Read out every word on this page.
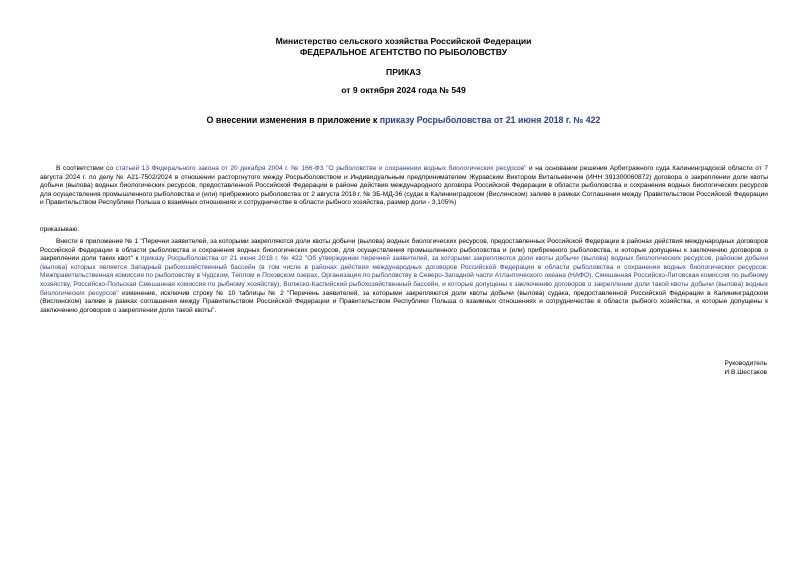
Министерство сельского хозяйства Российской Федерации
ФЕДЕРАЛЬНОЕ АГЕНТСТВО ПО РЫБОЛОВСТВУ
ПРИКАЗ
от 9 октября 2024 года № 549
О внесении изменения в приложение к приказу Росрыболовства от 21 июня 2018 г. № 422
В соответствии со статьей 13 Федерального закона от 20 декабря 2004 г. № 166-ФЗ "О рыболовстве и сохранении водных биологических ресурсов" и на основании решения Арбитражного суда Калининградской области от 7 августа 2024 г. по делу № А21-7502/2024 в отношении расторгнутого между Росрыболовством и Индивидуальным предпринимателем Журавским Виктором Витальевичем (ИНН 391300060872) договора о закреплении доли квоты добычи (вылова) водных биологических ресурсов, предоставленной Российской Федерации в районе действия международного договора Российской Федерации в области рыболовства и сохранения водных биологических ресурсов для осуществления промышленного рыболовства и (или) прибрежного рыболовства от 2 августа 2018 г. № ЗБ-МД-36 (судак в Калининградском (Вислинском) заливе в рамках Соглашения между Правительством Российской Федерации и Правительством Республики Польша о взаимных отношениях и сотрудничестве в области рыбного хозяйства, размер доли - 3,105%)
приказываю:
Внести в приложение № 1 "Перечни заявителей, за которыми закрепляются доли квоты добычи (вылова) водных биологических ресурсов, предоставленных Российской Федерации в районах действия международных договоров Российской Федерации в области рыболовства и сохранения водных биологических ресурсов, для осуществления промышленного рыболовства и (или) прибрежного рыболовства, и которые допущены к заключению договоров о закреплении доли таких квот" к приказу Росрыболовства от 21 июня 2018 г. № 422 "Об утверждении перечней заявителей, за которыми закрепляются доли квоты добычи (вылова) водных биологических ресурсов, районом добычи (вылова) которых является Западный рыбохозяйственный бассейн (в том числе в районах действия международных договоров Российской Федерации в области рыболовства и сохранения водных биологических ресурсов: Межправительственная комиссия по рыболовству в Чудском, Теплом и Псковском озерах, Организация по рыболовству в Северо-Западной части Атлантического океана (НАФО), Смешанная Российско-Литовская комиссия по рыбному хозяйству, Российско-Польская Смешанная комиссия по рыбному хозяйству), Волжско-Каспийский рыбохозяйственный бассейн, и которые допущены к заключению договоров о закреплении доли такой квоты добычи (вылова) водных биологических ресурсов" изменение, исключив строку № 10 таблицы № 2 "Перечень заявителей, за которыми закрепляются доли квоты добычи (вылова) судака, предоставленной Российской Федерации в Калининградском (Вислинском) заливе в рамках соглашения между Правительством Российской Федерации и Правительством Республики Польша о взаимных отношениях и сотрудничестве в области рыбного хозяйства, и которые допущены к заключению договоров о закреплении доли такой квоты".
Руководитель
И.В.Шестаков
